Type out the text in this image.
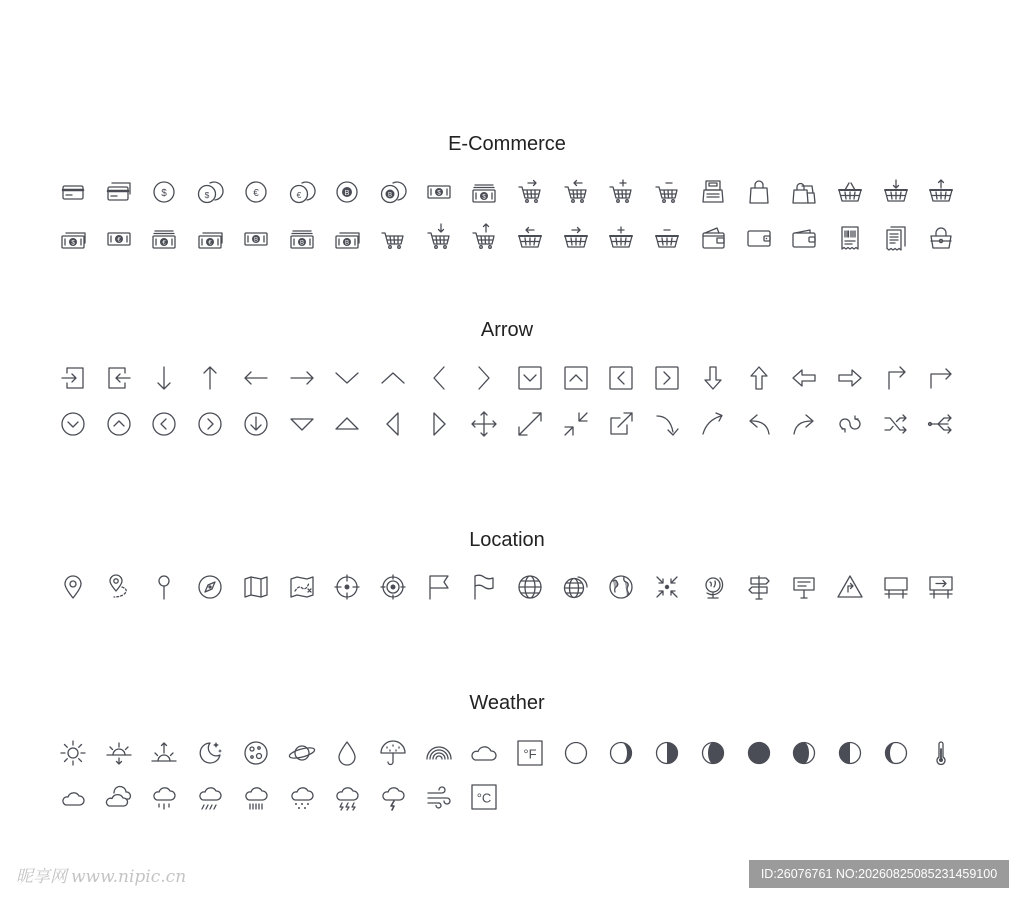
E-Commerce
$	$	€	€	B	B	$
$
$	€	€	€	B	B	B
Arrow
Location
Weather
°F
°C
昵享网 www.nipic.cn	ID:26076761 NO:20260825085231459100
